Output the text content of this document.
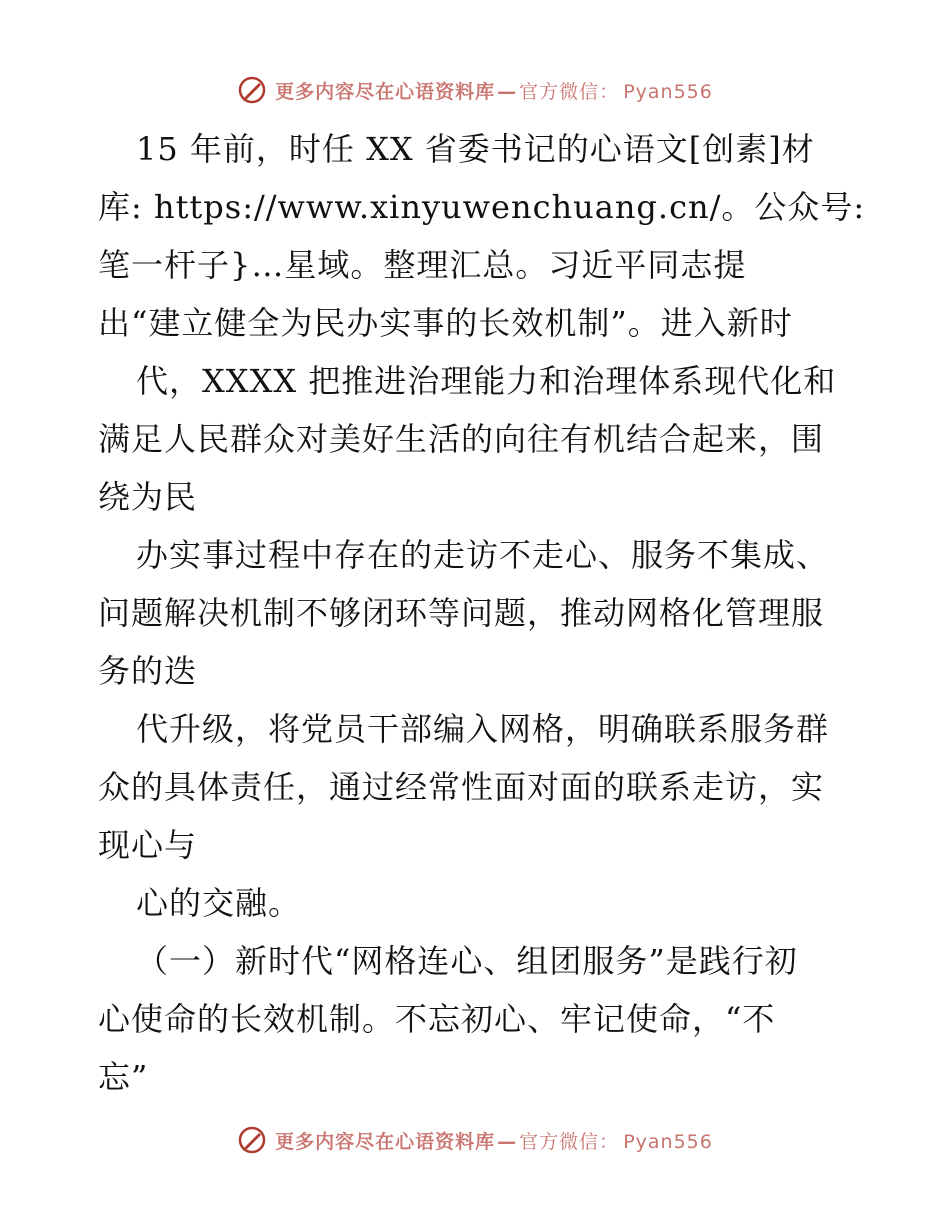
更多内容尽在心语资料库 — 官方微信： Pyan556
15 年前，时任 XX 省委书记的心语文[创素]材
库: https://www.xinyuwenchuang.cn/。公众号:
笔一杆子}…星域。整理汇总。习近平同志提
出“建立健全为民办实事的长效机制”。进入新时
代，XXXX 把推进治理能力和治理体系现代化和
满足人民群众对美好生活的向往有机结合起来，围
绕为民
办实事过程中存在的走访不走心、服务不集成、
问题解决机制不够闭环等问题，推动网格化管理服
务的迭
代升级，将党员干部编入网格，明确联系服务群
众的具体责任，通过经常性面对面的联系走访，实
现心与
心的交融。
（一）新时代“网格连心、组团服务”是践行初
心使命的长效机制。不忘初心、牢记使命，“不
忘”
更多内容尽在心语资料库 — 官方微信： Pyan556
